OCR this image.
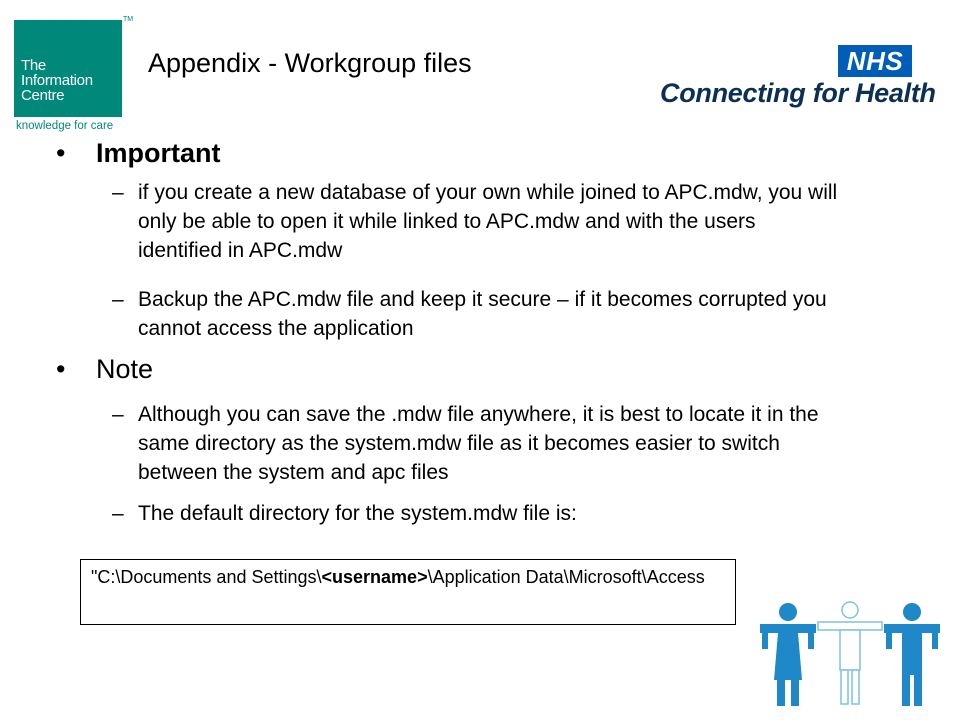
The
Information
Centre
TM
knowledge for care
Appendix - Workgroup files	NHS
Connecting for Health
• Important
– if you create a new database of your own while joined to APC.mdw, you will only be able to open it while linked to APC.mdw and with the users identified in APC.mdw
– Backup the APC.mdw file and keep it secure – if it becomes corrupted you cannot access the application
• Note
– Although you can save the .mdw file anywhere, it is best to locate it in the same directory as the system.mdw file as it becomes easier to switch between the system and apc files
– The default directory for the system.mdw file is:
"C:\Documents and Settings\<username>\Application Data\Microsoft\Access
